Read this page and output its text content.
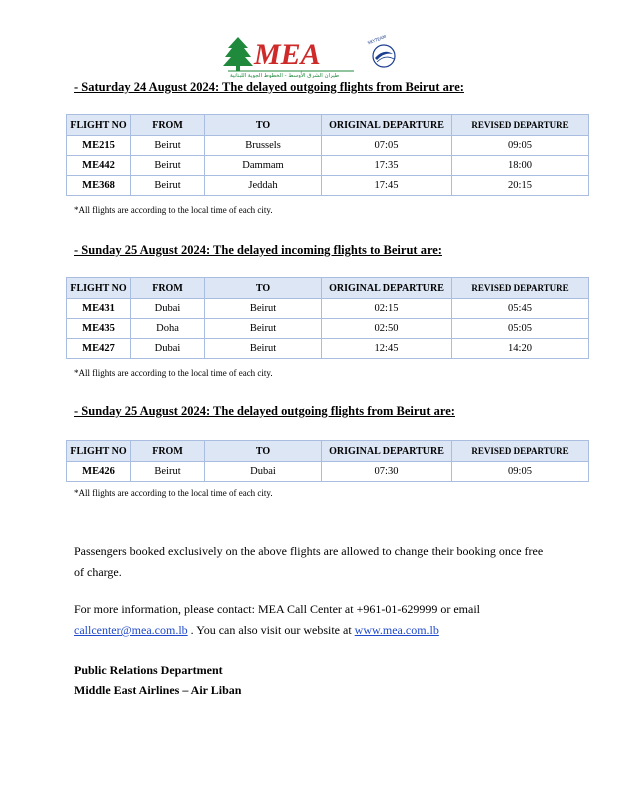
MEA
طيران الشرق الأوسط - الخطوط الجوية اللبنانية
SKYTEAM
- Saturday 24 August 2024: The delayed outgoing flights from Beirut are:
FLIGHT NO	FROM	TO	ORIGINAL DEPARTURE	REVISED DEPARTURE
ME215	Beirut	Brussels	07:05	09:05
ME442	Beirut	Dammam	17:35	18:00
ME368	Beirut	Jeddah	17:45	20:15
*All flights are according to the local time of each city.
- Sunday 25 August 2024: The delayed incoming flights to Beirut are:
FLIGHT NO	FROM	TO	ORIGINAL DEPARTURE	REVISED DEPARTURE
ME431	Dubai	Beirut	02:15	05:45
ME435	Doha	Beirut	02:50	05:05
ME427	Dubai	Beirut	12:45	14:20
*All flights are according to the local time of each city.
- Sunday 25 August 2024: The delayed outgoing flights from Beirut are:
FLIGHT NO	FROM	TO	ORIGINAL DEPARTURE	REVISED DEPARTURE
ME426	Beirut	Dubai	07:30	09:05
*All flights are according to the local time of each city.
Passengers booked exclusively on the above flights are allowed to change their booking once free of charge.
For more information, please contact: MEA Call Center at +961-01-629999 or email
callcenter@mea.com.lb . You can also visit our website at www.mea.com.lb
Public Relations Department
Middle East Airlines – Air Liban
